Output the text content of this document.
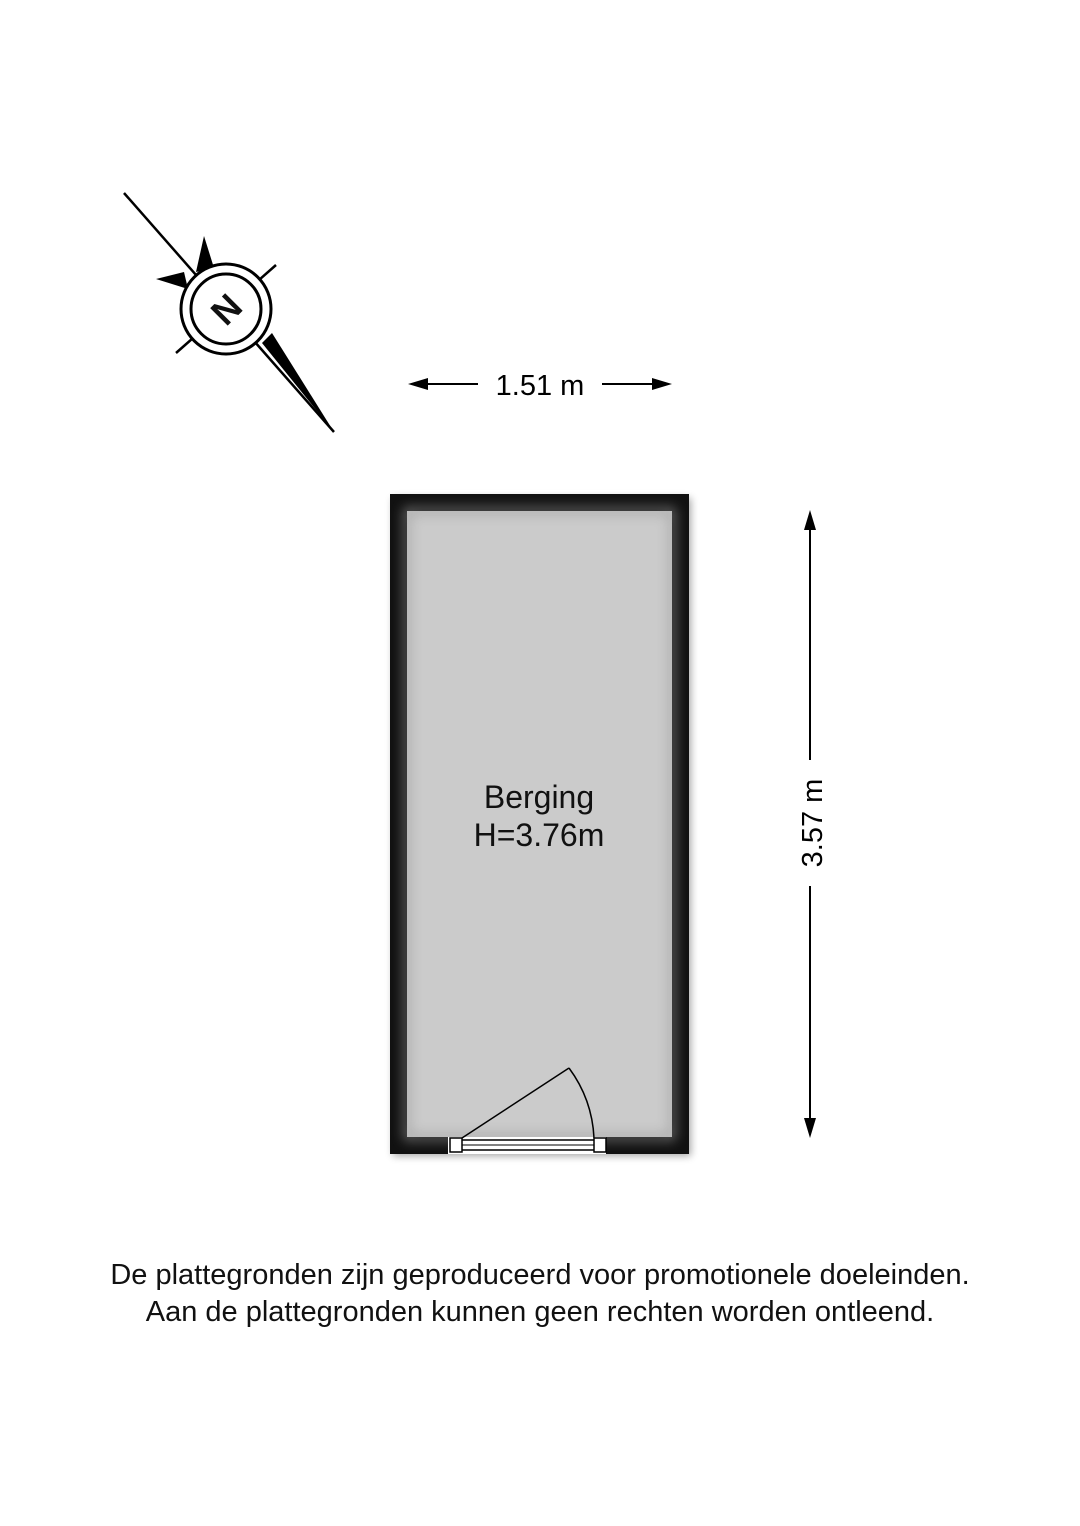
N
1.51 m
3.57 m
Berging
H=3.76m
De plattegronden zijn geproduceerd voor promotionele doeleinden.
Aan de plattegronden kunnen geen rechten worden ontleend.
